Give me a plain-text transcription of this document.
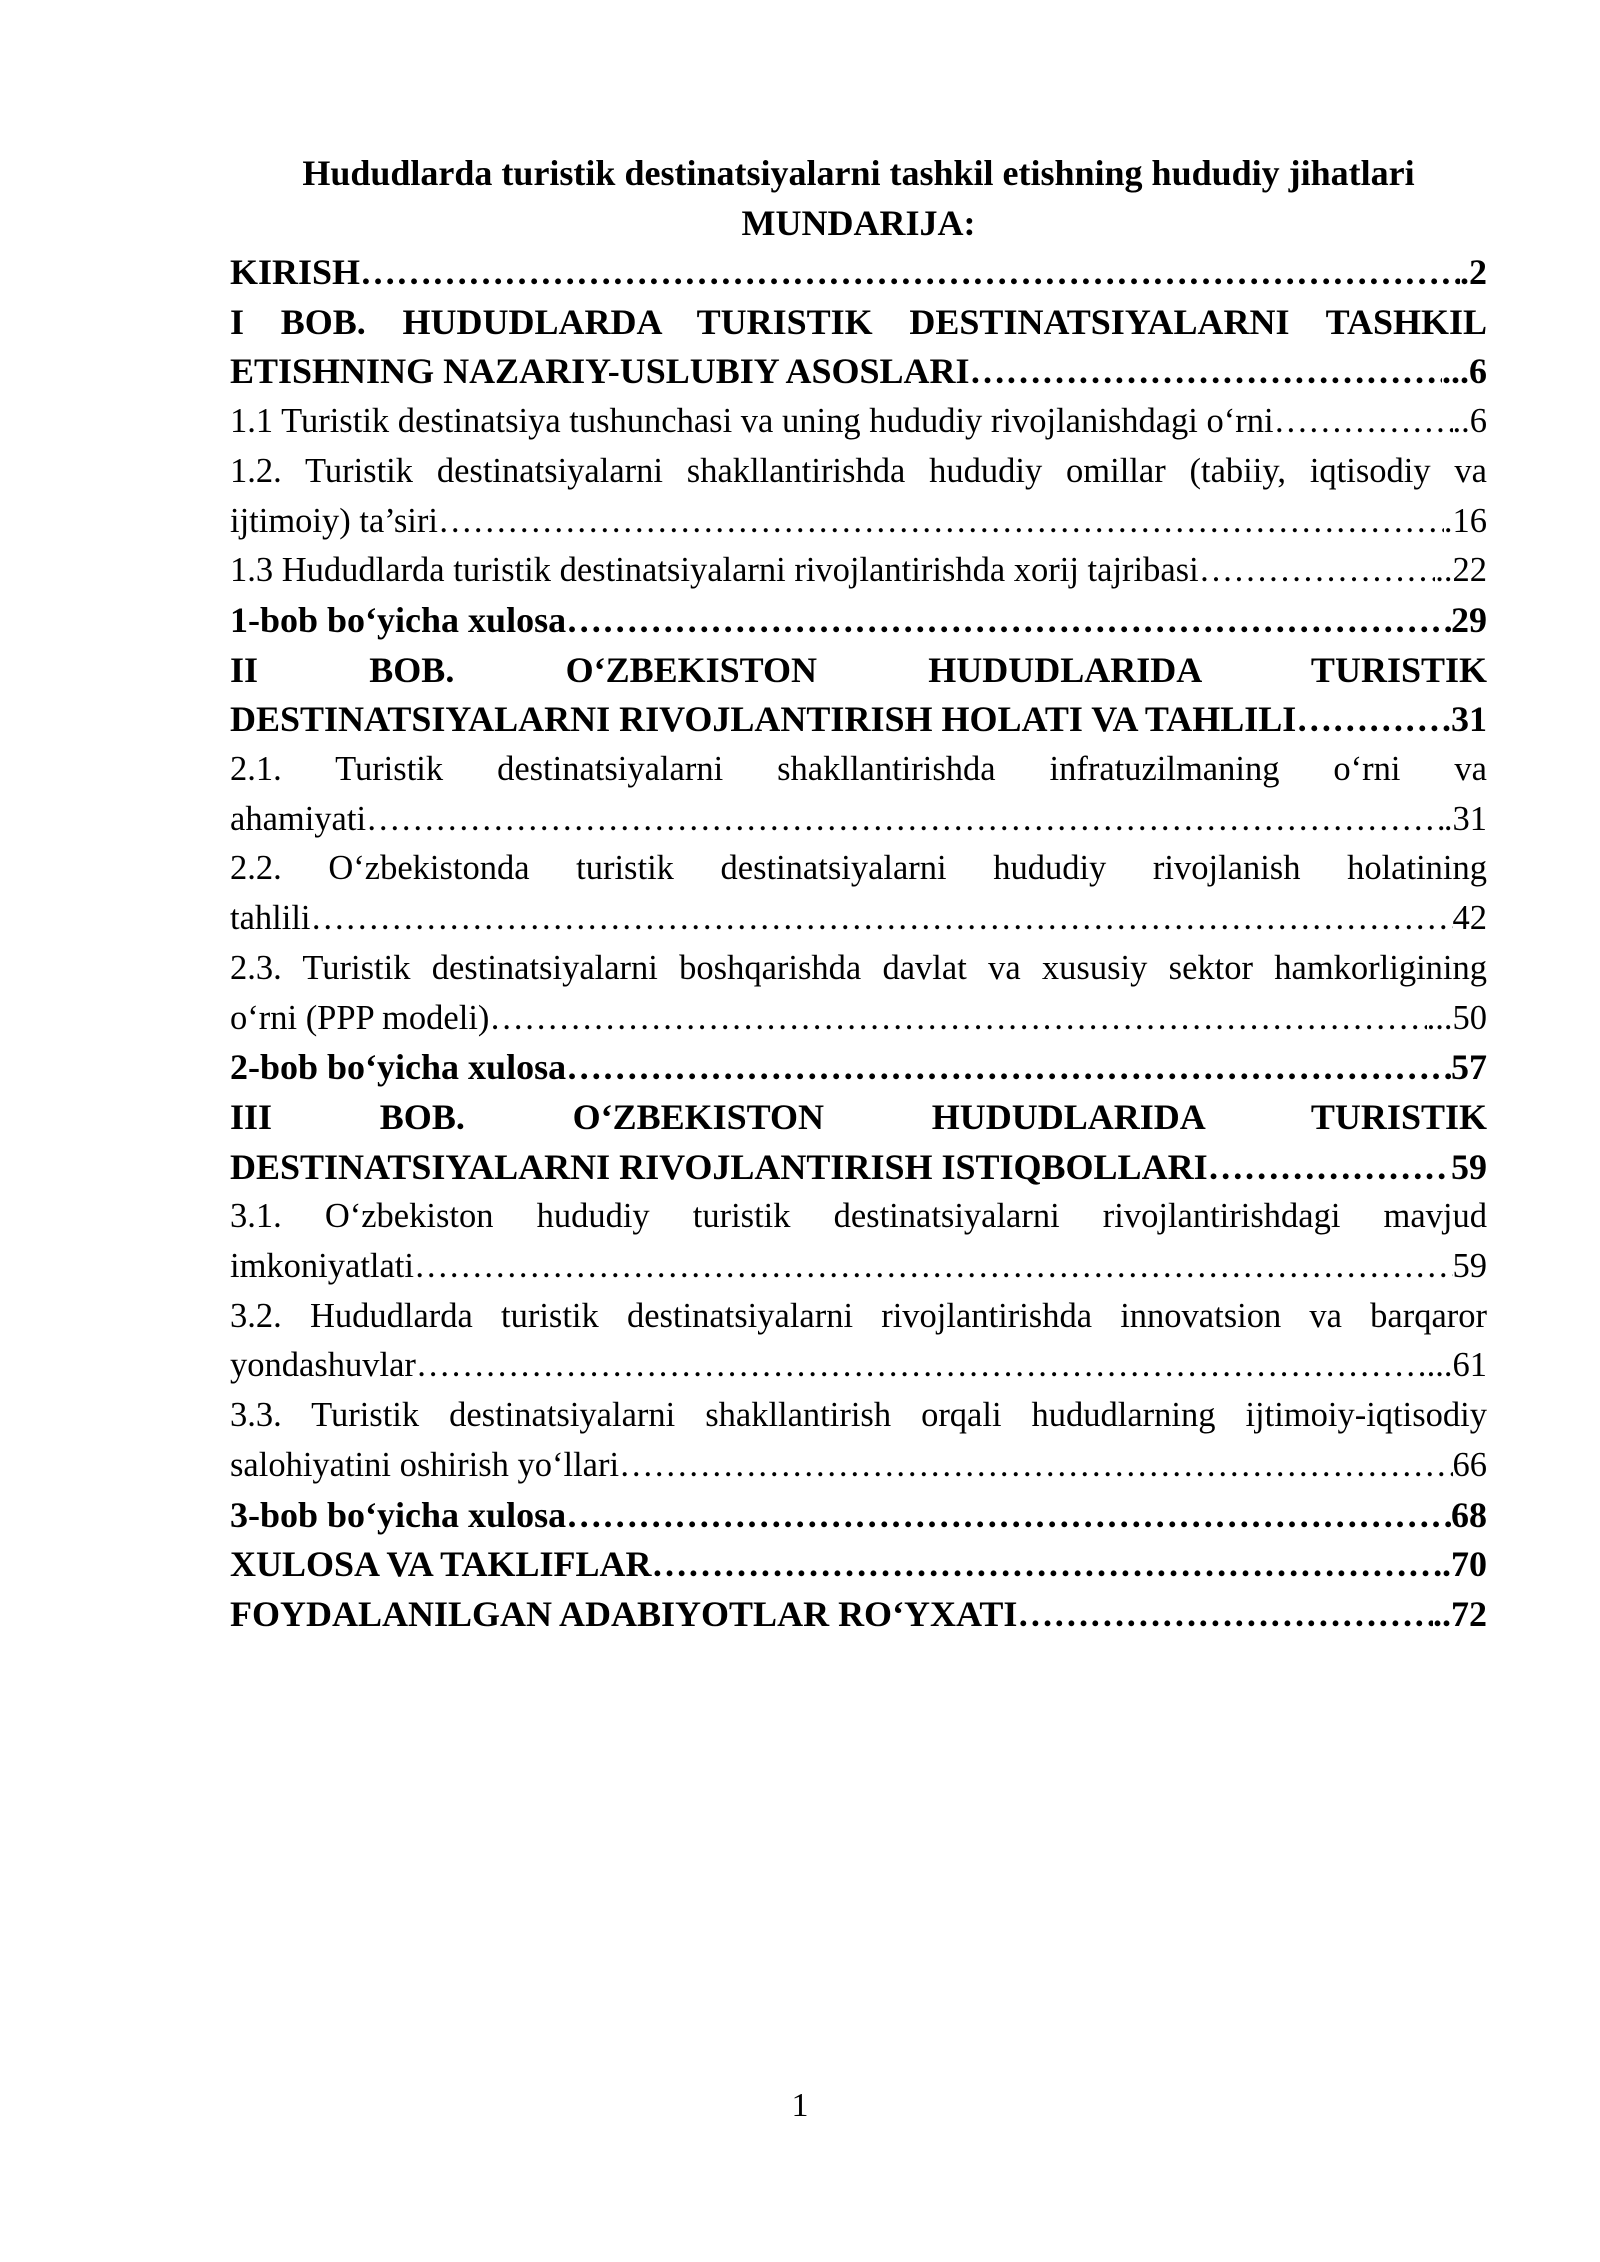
Hududlarda turistik destinatsiyalarni tashkil etishning hududiy jihatlari

MUNDARIJA:

KIRISH …………………………………………………………………………………………………………………………………………………………………………………………………………………	.2
I BOB. HUDUDLARDA TURISTIK DESTINATSIYALARNI TASHKIL
ETISHNING NAZARIY-USLUBIY ASOSLARI …………………………………………………………………………………………………………………………………………………………………………………………………………………	...6
1.1 Turistik destinatsiya tushunchasi va uning hududiy rivojlanishdagi o‘rni …………………………………………………………………………………………………………………………………………………………………………………………………………………	..6
1.2. Turistik destinatsiyalarni shakllantirishda hududiy omillar (tabiiy, iqtisodiy va
ijtimoiy) ta’siri …………………………………………………………………………………………………………………………………………………………………………………………………………………	.16
1.3 Hududlarda turistik destinatsiyalarni rivojlantirishda xorij tajribasi …………………………………………………………………………………………………………………………………………………………………………………………………………………	..22
1-bob bo‘yicha xulosa …………………………………………………………………………………………………………………………………………………………………………………………………………………	29
II BOB. O‘ZBEKISTON HUDUDLARIDA TURISTIK
DESTINATSIYALARNI RIVOJLANTIRISH HOLATI VA TAHLILI …………………………………………………………………………………………………………………………………………………………………………………………………………………	.31
2.1. Turistik destinatsiyalarni shakllantirishda infratuzilmaning o‘rni va
ahamiyati …………………………………………………………………………………………………………………………………………………………………………………………………………………	.31
2.2. O‘zbekistonda turistik destinatsiyalarni hududiy rivojlanish holatining
tahlili …………………………………………………………………………………………………………………………………………………………………………………………………………………	42
2.3. Turistik destinatsiyalarni boshqarishda davlat va xususiy sektor hamkorligining
o‘rni (PPP modeli) …………………………………………………………………………………………………………………………………………………………………………………………………………………	...50
2-bob bo‘yicha xulosa …………………………………………………………………………………………………………………………………………………………………………………………………………………	57
III BOB. O‘ZBEKISTON HUDUDLARIDA TURISTIK
DESTINATSIYALARNI RIVOJLANTIRISH ISTIQBOLLARI …………………………………………………………………………………………………………………………………………………………………………………………………………………	59
3.1. O‘zbekiston hududiy turistik destinatsiyalarni rivojlantirishdagi mavjud
imkoniyatlati …………………………………………………………………………………………………………………………………………………………………………………………………………………	59
3.2. Hududlarda turistik destinatsiyalarni rivojlantirishda innovatsion va barqaror
yondashuvlar …………………………………………………………………………………………………………………………………………………………………………………………………………………	...61
3.3. Turistik destinatsiyalarni shakllantirish orqali hududlarning ijtimoiy-iqtisodiy
salohiyatini oshirish yo‘llari …………………………………………………………………………………………………………………………………………………………………………………………………………………	66
3-bob bo‘yicha xulosa …………………………………………………………………………………………………………………………………………………………………………………………………………………	68
XULOSA VA TAKLIFLAR …………………………………………………………………………………………………………………………………………………………………………………………………………………	.70
FOYDALANILGAN ADABIYOTLAR RO‘YXATI …………………………………………………………………………………………………………………………………………………………………………………………………………………	..72
1
